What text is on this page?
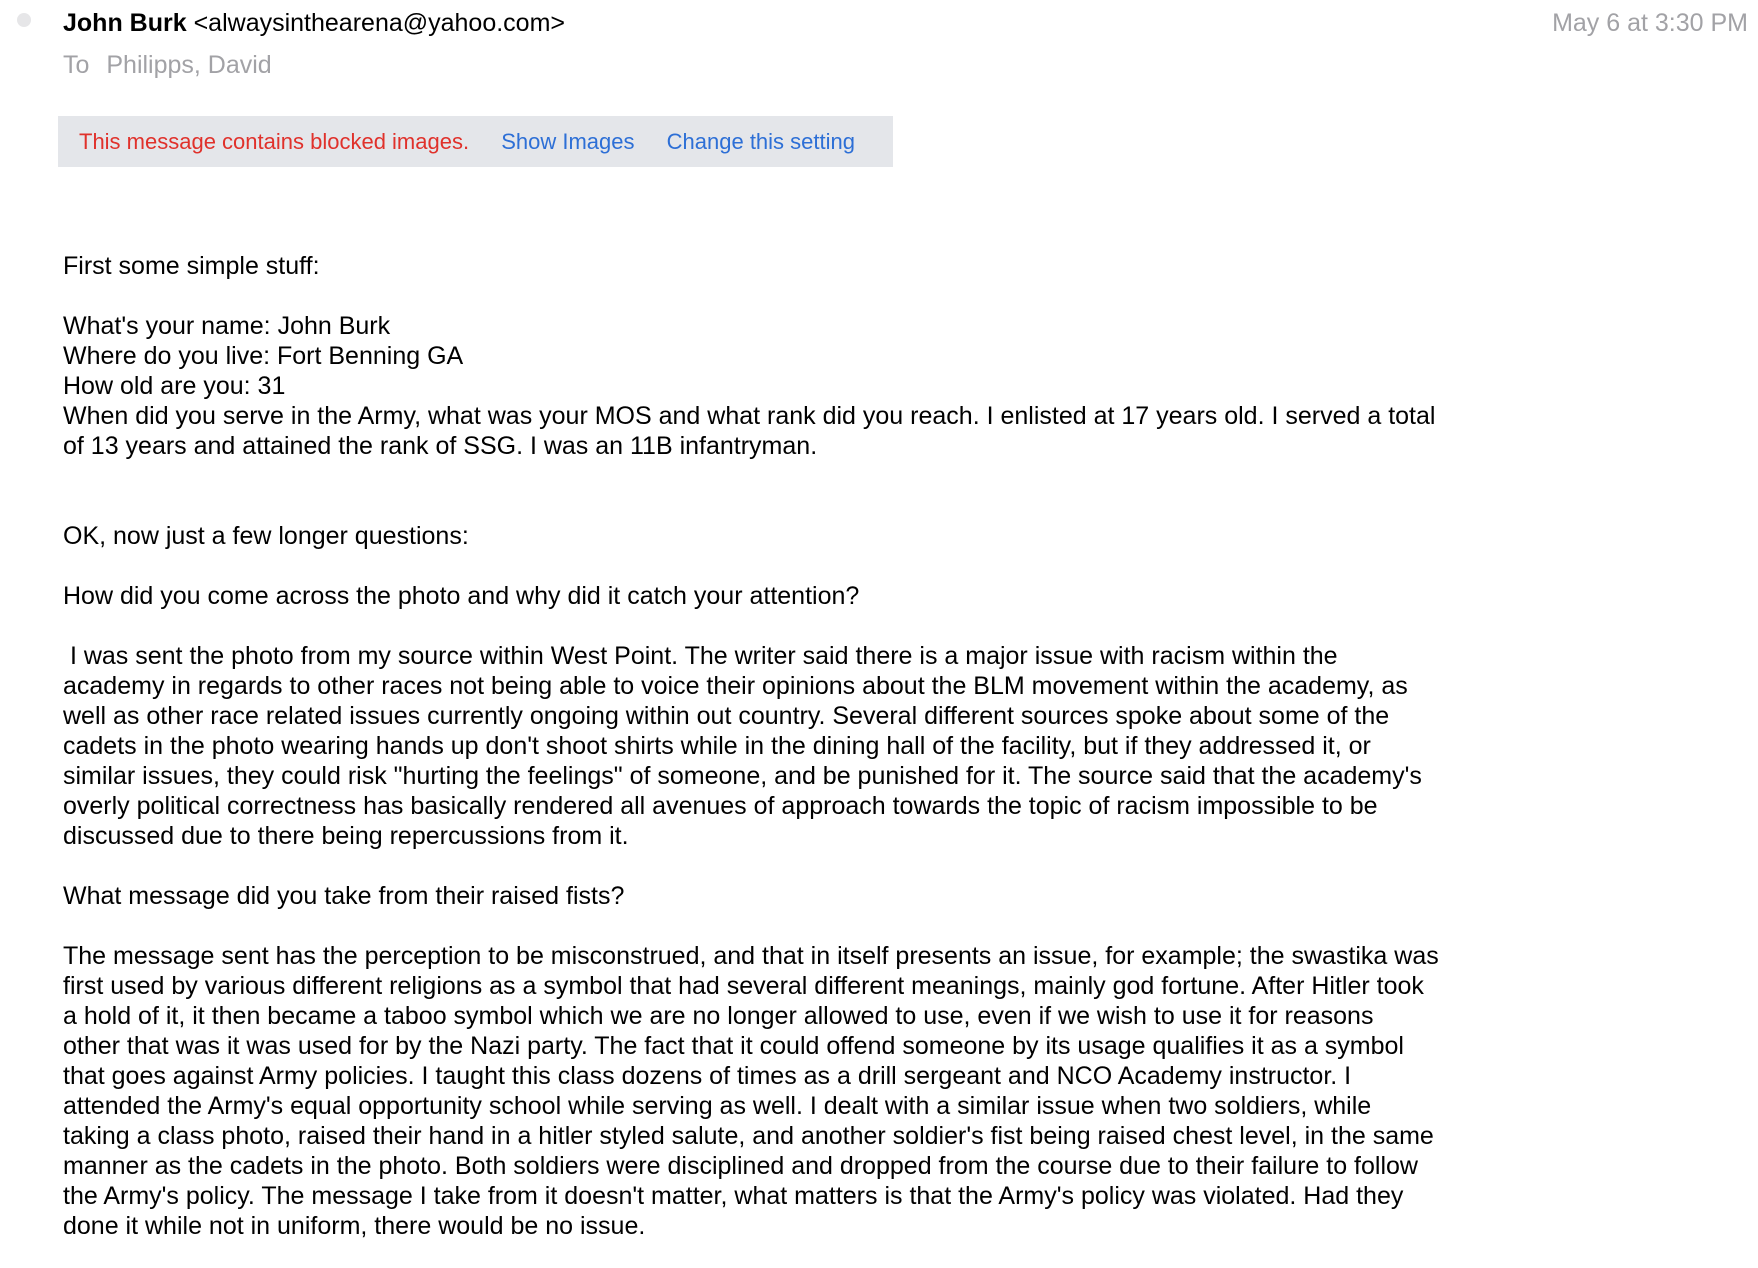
John Burk <alwaysinthearena@yahoo.com>	May 6 at 3:30 PM
To Philipps, David
This message contains blocked images. Show Images Change this setting

First some simple stuff:

What's your name: John Burk

Where do you live: Fort Benning GA

How old are you: 31

When did you serve in the Army, what was your MOS and what rank did you reach. I enlisted at 17 years old. I served a total

of 13 years and attained the rank of SSG. I was an 11B infantryman.

OK, now just a few longer questions:

How did you come across the photo and why did it catch your attention?

I was sent the photo from my source within West Point. The writer said there is a major issue with racism within the

academy in regards to other races not being able to voice their opinions about the BLM movement within the academy, as

well as other race related issues currently ongoing within out country. Several different sources spoke about some of the

cadets in the photo wearing hands up don't shoot shirts while in the dining hall of the facility, but if they addressed it, or

similar issues, they could risk "hurting the feelings" of someone, and be punished for it. The source said that the academy's

overly political correctness has basically rendered all avenues of approach towards the topic of racism impossible to be

discussed due to there being repercussions from it.

What message did you take from their raised fists?

The message sent has the perception to be misconstrued, and that in itself presents an issue, for example; the swastika was

first used by various different religions as a symbol that had several different meanings, mainly god fortune. After Hitler took

a hold of it, it then became a taboo symbol which we are no longer allowed to use, even if we wish to use it for reasons

other that was it was used for by the Nazi party. The fact that it could offend someone by its usage qualifies it as a symbol

that goes against Army policies. I taught this class dozens of times as a drill sergeant and NCO Academy instructor. I

attended the Army's equal opportunity school while serving as well. I dealt with a similar issue when two soldiers, while

taking a class photo, raised their hand in a hitler styled salute, and another soldier's fist being raised chest level, in the same

manner as the cadets in the photo. Both soldiers were disciplined and dropped from the course due to their failure to follow

the Army's policy. The message I take from it doesn't matter, what matters is that the Army's policy was violated. Had they

done it while not in uniform, there would be no issue.
